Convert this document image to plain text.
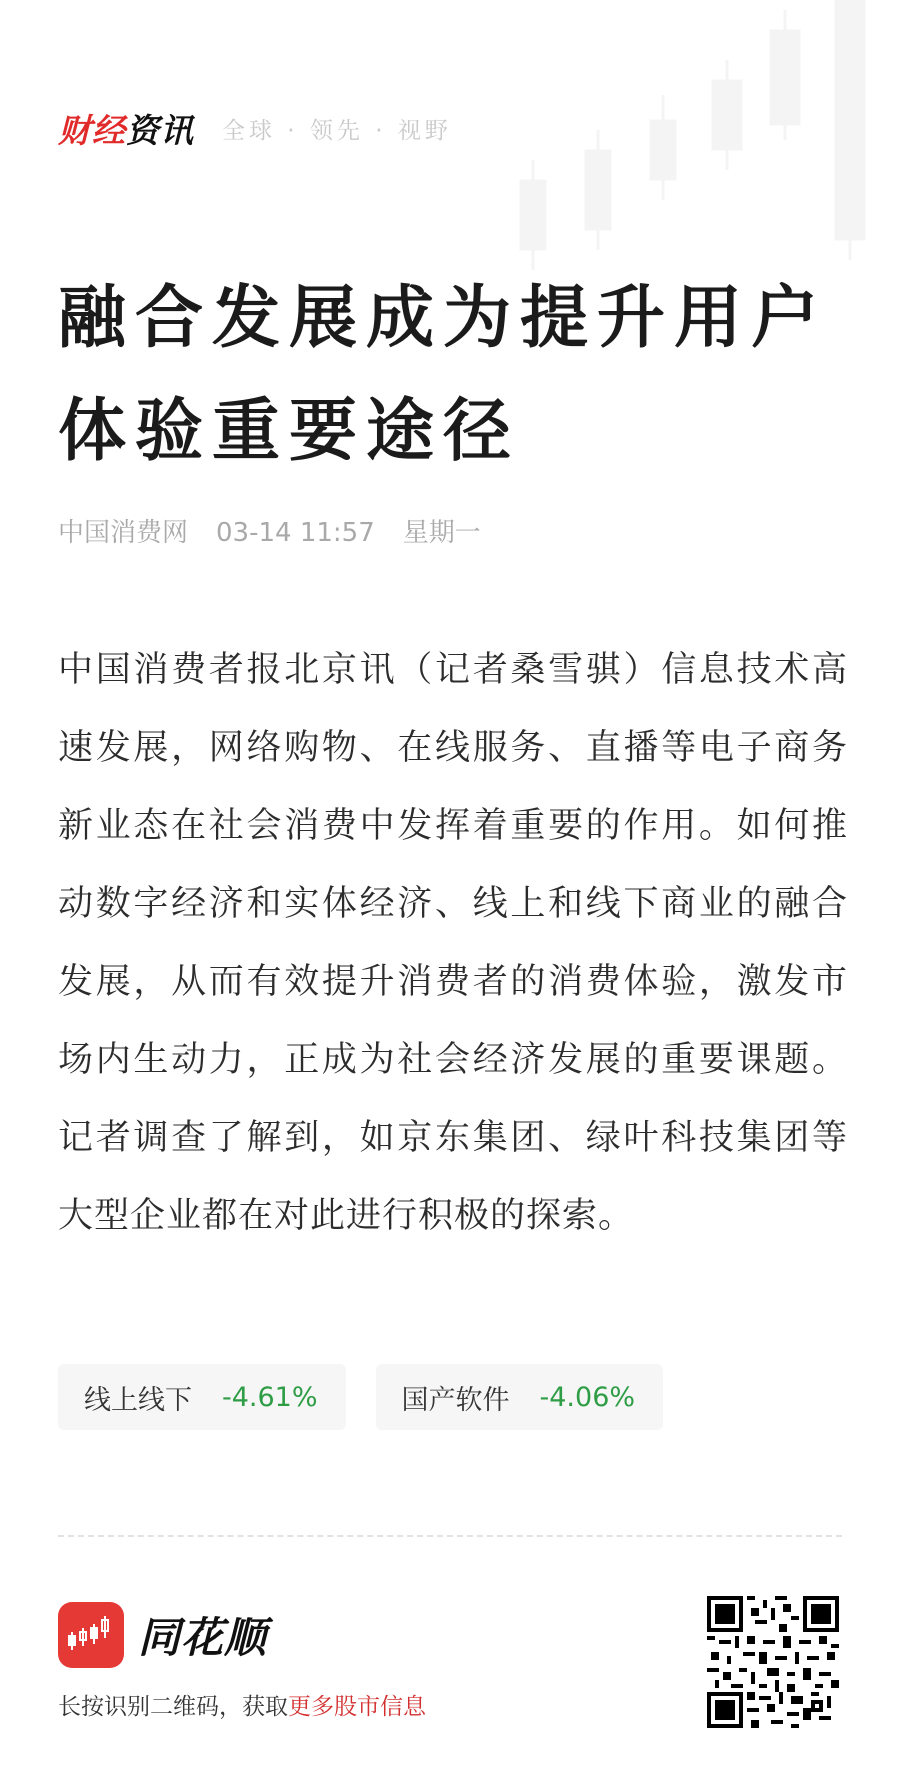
财经资讯 全球 · 领先 · 视野
融合发展成为提升用户体验重要途径
中国消费网 03-14 11:57 星期一

中国消费者报北京讯（记者桑雪骐）信息技术高速发展，网络购物、在线服务、直播等电子商务新业态在社会消费中发挥着重要的作用。如何推动数字经济和实体经济、线上和线下商业的融合发展，从而有效提升消费者的消费体验，激发市场内生动力，正成为社会经济发展的重要课题。记者调查了解到，如京东集团、绿叶科技集团等大型企业都在对此进行积极的探索。

线上线下 -4.61%	国产软件 -4.06%
同花顺
长按识别二维码，获取更多股市信息
